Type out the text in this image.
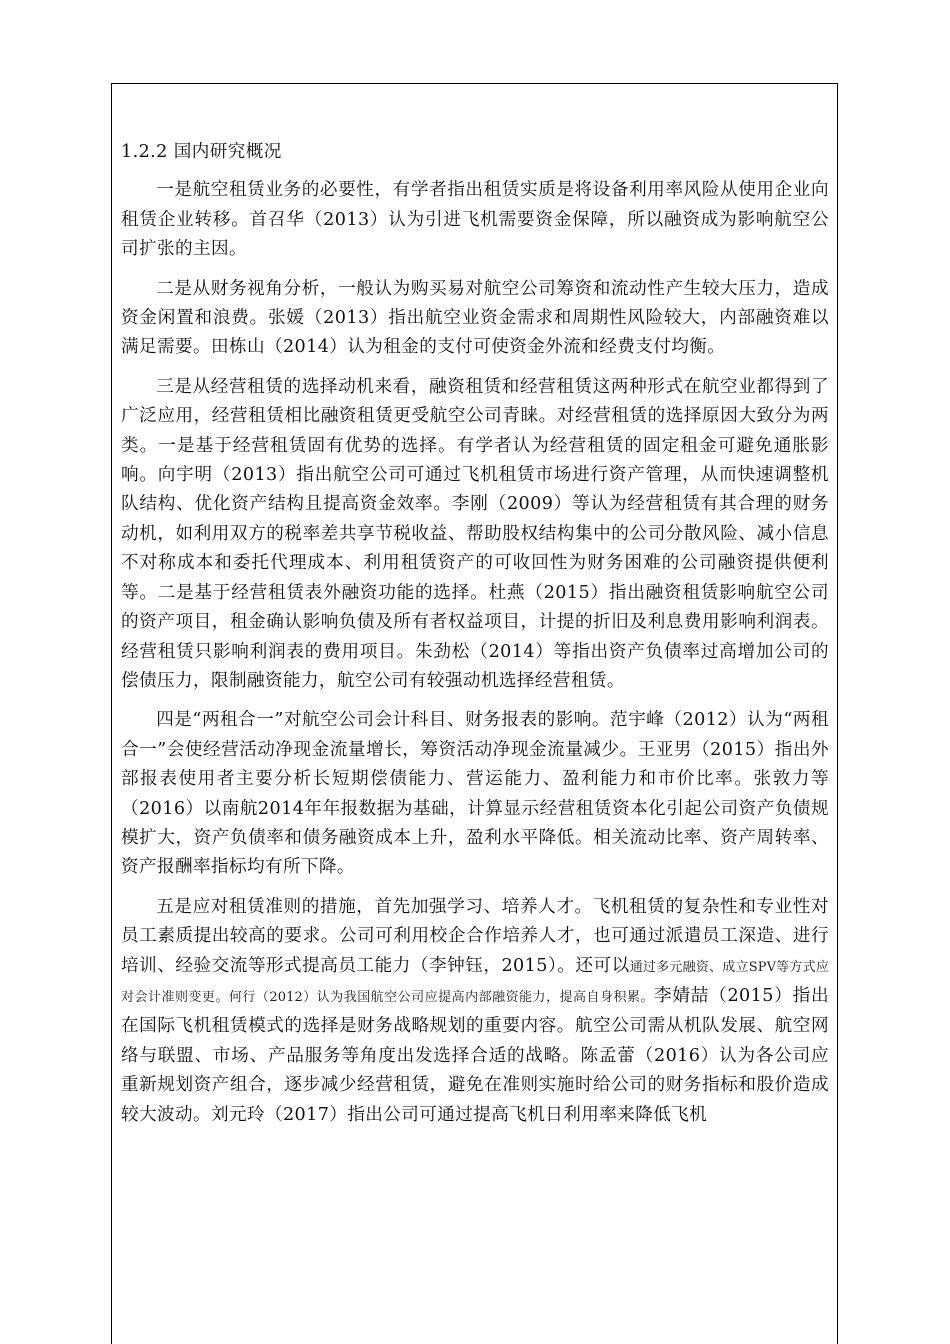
1.2.2 国内研究概况

一是航空租赁业务的必要性，有学者指出租赁实质是将设备利用率风险从使用企业向租赁企业转移。首召华（2013）认为引进飞机需要资金保障，所以融资成为影响航空公司扩张的主因。

二是从财务视角分析，一般认为购买易对航空公司筹资和流动性产生较大压力，造成资金闲置和浪费。张媛（2013）指出航空业资金需求和周期性风险较大，内部融资难以满足需要。田栋山（2014）认为租金的支付可使资金外流和经费支付均衡。

三是从经营租赁的选择动机来看，融资租赁和经营租赁这两种形式在航空业都得到了广泛应用，经营租赁相比融资租赁更受航空公司青睐。对经营租赁的选择原因大致分为两类。一是基于经营租赁固有优势的选择。有学者认为经营租赁的固定租金可避免通胀影响。向宇明（2013）指出航空公司可通过飞机租赁市场进行资产管理，从而快速调整机队结构、优化资产结构且提高资金效率。李刚（2009）等认为经营租赁有其合理的财务动机，如利用双方的税率差共享节税收益、帮助股权结构集中的公司分散风险、减小信息不对称成本和委托代理成本、利用租赁资产的可收回性为财务困难的公司融资提供便利等。二是基于经营租赁表外融资功能的选择。杜燕（2015）指出融资租赁影响航空公司的资产项目，租金确认影响负债及所有者权益项目，计提的折旧及利息费用影响利润表。经营租赁只影响利润表的费用项目。朱劲松（2014）等指出资产负债率过高增加公司的偿债压力，限制融资能力，航空公司有较强动机选择经营租赁。

四是“两租合一”对航空公司会计科目、财务报表的影响。范宇峰（2012）认为“两租合一”会使经营活动净现金流量增长，筹资活动净现金流量减少。王亚男（2015）指出外部报表使用者主要分析长短期偿债能力、营运能力、盈利能力和市价比率。张敦力等（2016）以南航2014年年报数据为基础，计算显示经营租赁资本化引起公司资产负债规模扩大，资产负债率和债务融资成本上升，盈利水平降低。相关流动比率、资产周转率、资产报酬率指标均有所下降。

五是应对租赁准则的措施，首先加强学习、培养人才。飞机租赁的复杂性和专业性对员工素质提出较高的要求。公司可利用校企合作培养人才，也可通过派遣员工深造、进行培训、经验交流等形式提高员工能力（李钟钰，2015）。还可以通过多元融资、成立SPV等方式应对会计准则变更。何行（2012）认为我国航空公司应提高内部融资能力，提高自身积累。李婧喆（2015）指出在国际飞机租赁模式的选择是财务战略规划的重要内容。航空公司需从机队发展、航空网络与联盟、市场、产品服务等角度出发选择合适的战略。陈孟蕾（2016）认为各公司应重新规划资产组合，逐步减少经营租赁，避免在准则实施时给公司的财务指标和股价造成较大波动。刘元玲（2017）指出公司可通过提高飞机日利用率来降低飞机
